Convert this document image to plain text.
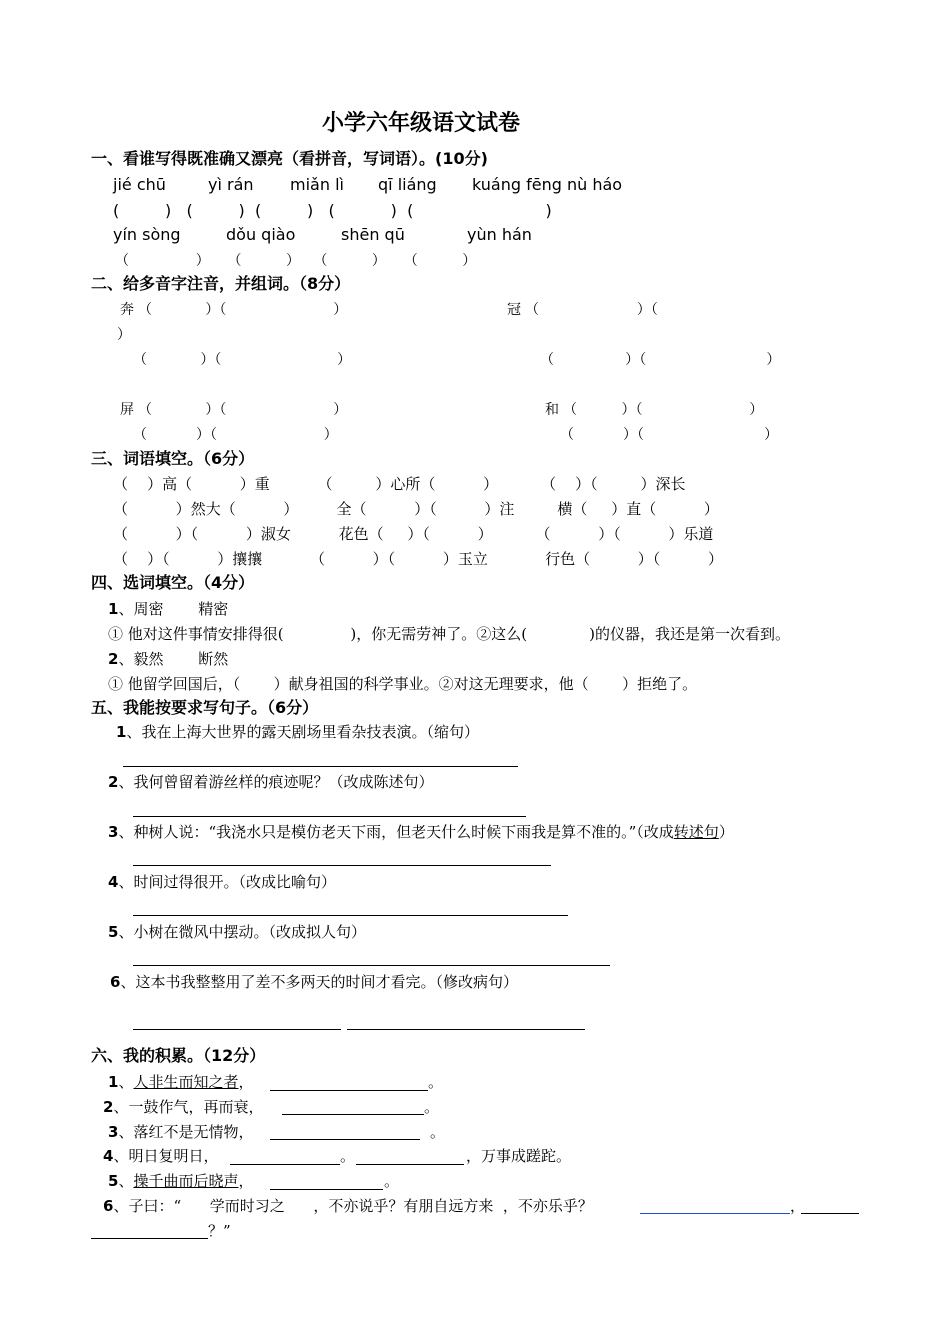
小学六年级语文试卷
一、看谁写得既准确又漂亮（看拼音，写词语）。(10分)
jié chū	yì rán miǎn lì qī liáng kuáng fēng nù háo
(         )   (         )  (         )   (           )  (                          )
yín sòng	dǒu qiào	shēn qū	yùn hán
（               ）    （          ）   （          ）    （          ）
二、给多音字注音，并组词。（8分）
奔 （            ）（                        ）	冠 （                      ）（
）
（            ）（                          ）	（                ）（                           ）
屏 （            ）（                        ）	和 （          ）（                        ）
（           ）（                        ）	（           ）（                           ）
三、词语填空。（6分）
（    ）高（          ）重          （         ）心所（          ）         （    ）（         ）深长
（          ）然大（          ）        全（          ）（          ）注	横（     ）直（          ）
（          ）（          ）淑女	花色（     ）（          ）         （          ）（          ）乐道
（    ）（          ）攘攘          （          ）（          ）玉立	行色（          ）（          ）
四、选词填空。（4分）
1、周密　　 精密
① 他对这件事情安排得很(	)，你无需劳神了。②这么(	)的仪器，我还是第一次看到。
2、毅然　　 断然
① 他留学回国后，（ ）献身祖国的科学事业。②对这无理要求，他（ ）拒绝了。
五、我能按要求写句子。（6分）
1、我在上海大世界的露天剧场里看杂技表演。（缩句）
2、我何曾留着游丝样的痕迹呢？（改成陈述句）
3、种树人说：“我浇水只是模仿老天下雨，但老天什么时候下雨我是算不准的。”（改成转述句）
4、时间过得很开。（改成比喻句）
5、小树在微风中摆动。（改成拟人句）
6、这本书我整整用了差不多两天的时间才看完。（修改病句）
六、我的积累。（12分）
1、人非生而知之者，	。
2、一鼓作气，再而衰，	。
3、落红不是无情物，	。
4、明日复明日，	。	，万事成蹉跎。
5、操千曲而后晓声，	。
6、子曰：“ 学而时习之 ，不亦说乎？有朋自远方来 ，不亦乐乎？	，
？”
